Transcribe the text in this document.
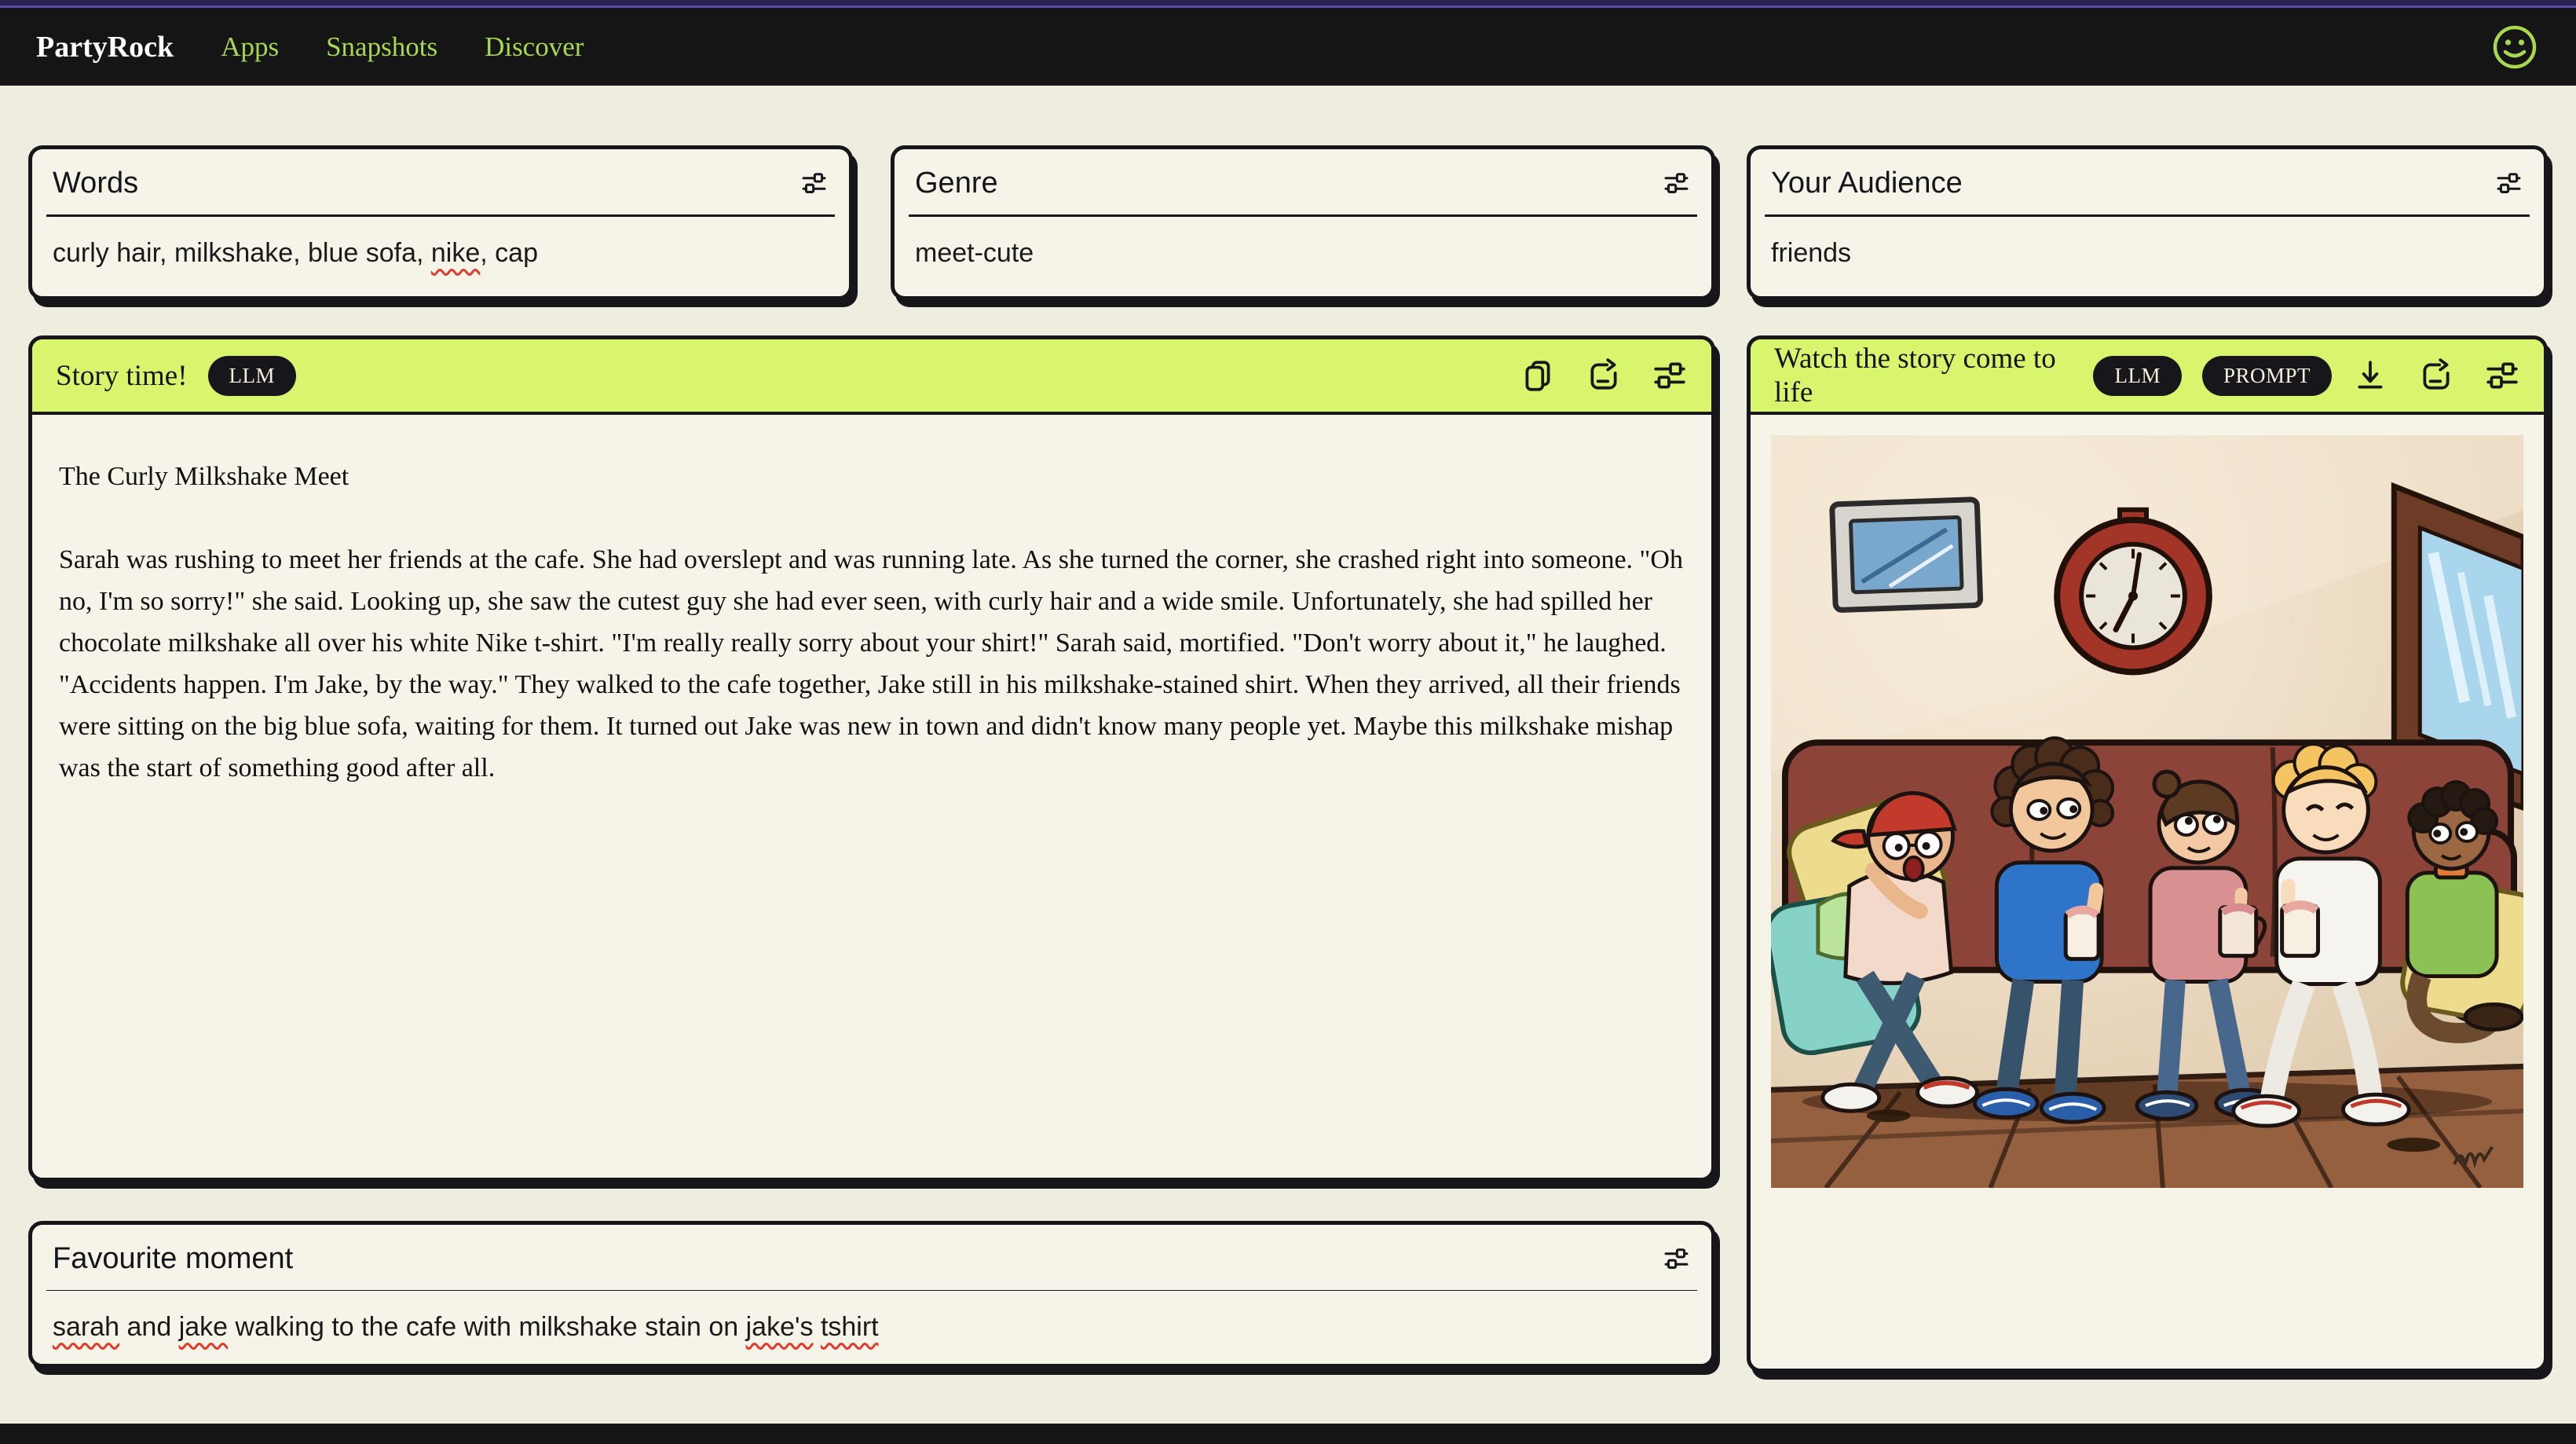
PartyRock Apps Snapshots Discover
Words
curly hair, milkshake, blue sofa, nike, cap
Genre
meet-cute
Story time!	LLM
The Curly Milkshake Meet

Sarah was rushing to meet her friends at the cafe. She had overslept and was running late. As she turned the corner, she crashed right into someone. "Oh no, I'm so sorry!" she said. Looking up, she saw the cutest guy she had ever seen, with curly hair and a wide smile. Unfortunately, she had spilled her chocolate milkshake all over his white Nike t-shirt. "I'm really really sorry about your shirt!" Sarah said, mortified. "Don't worry about it," he laughed. "Accidents happen. I'm Jake, by the way." They walked to the cafe together, Jake still in his milkshake-stained shirt. When they arrived, all their friends were sitting on the big blue sofa, waiting for them. It turned out Jake was new in town and didn't know many people yet. Maybe this milkshake mishap was the start of something good after all.

Favourite moment
sarah and jake walking to the cafe with milkshake stain on jake's tshirt
Your Audience
friends
Watch the story come to life
LLM	PROMPT
